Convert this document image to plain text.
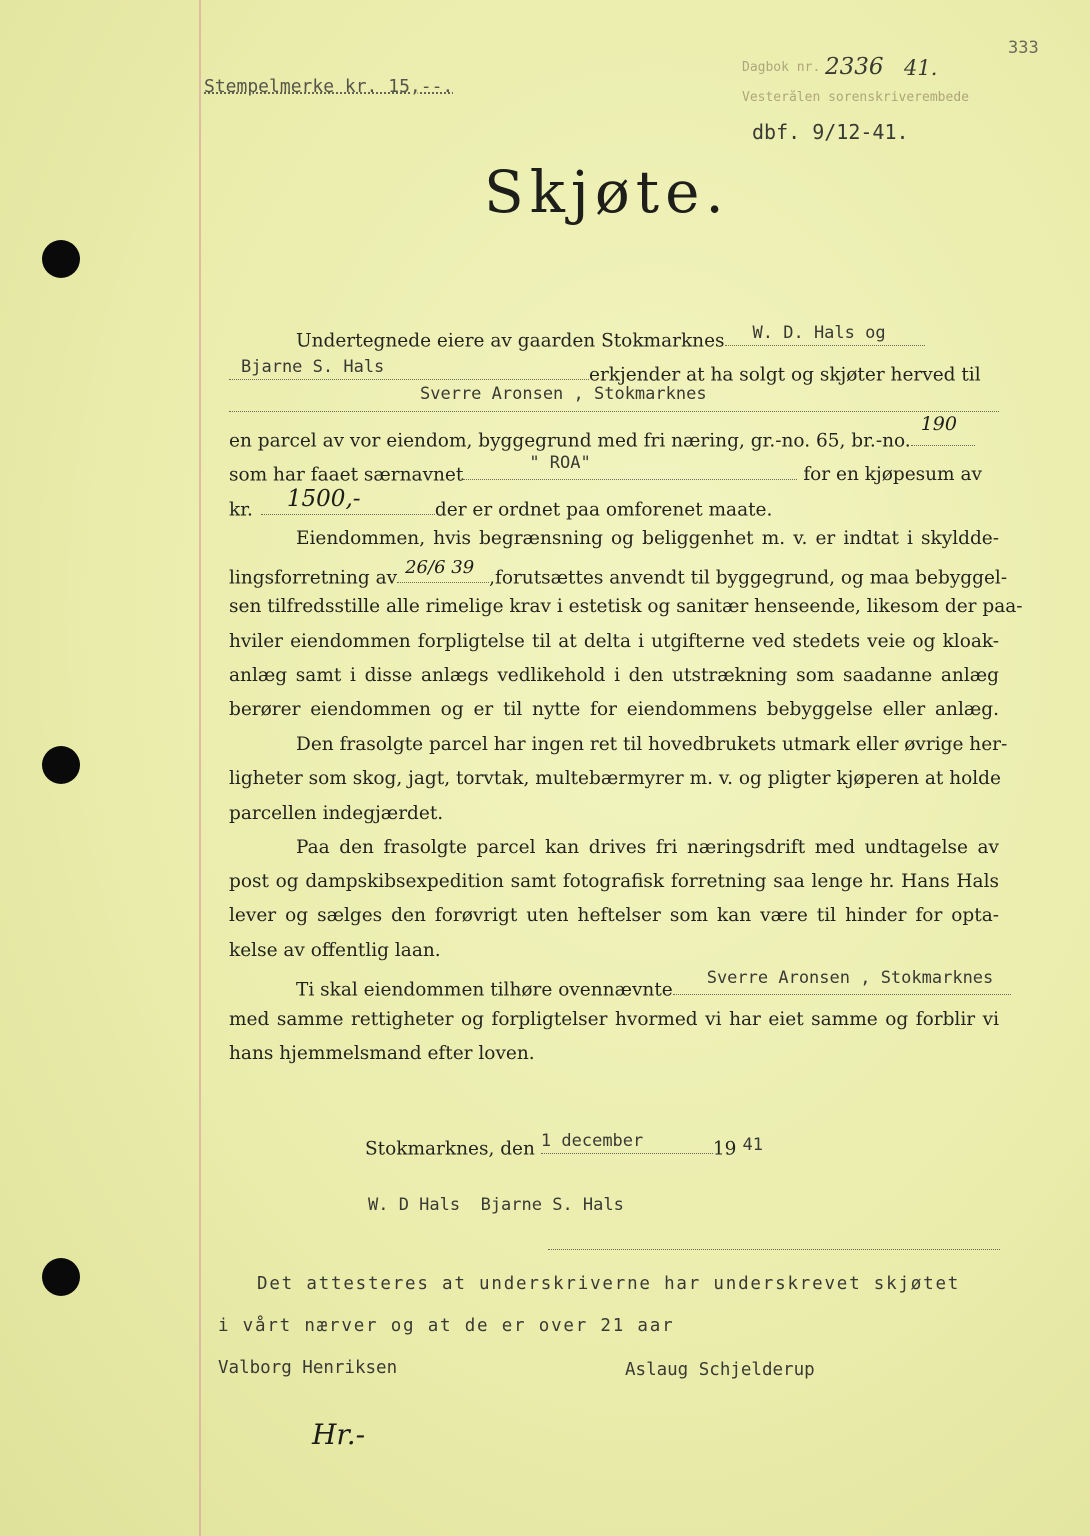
Stempelmerke kr. 15,--.
Dagbok nr. 2336 41.
Vesterålen sorenskriverembede
dbf. 9/12-41.
333
Skjøte.
Undertegnede eiere av gaarden Stokmarknes W. D. Hals og
Bjarne S. Hals	erkjender at ha solgt og skjøter herved til
Sverre Aronsen , Stokmarknes
en parcel av vor eiendom, byggegrund med fri næring, gr.-no. 65, br.-no.
190
som har faaet særnavnet
" ROA"
for en kjøpesum av
kr. 1500,-	der er ordnet paa omforenet maate.
Eiendommen, hvis begrænsning og beliggenhet m. v. er indtat i skyldde-
lingsforretning av 26/6 39 ,forutsættes anvendt til byggegrund, og maa bebyggel-
sen tilfredsstille alle rimelige krav i estetisk og sanitær henseende, likesom der paa-
hviler eiendommen forpligtelse til at delta i utgifterne ved stedets veie og kloak-
anlæg samt i disse anlægs vedlikehold i den utstrækning som saadanne anlæg
berører eiendommen og er til nytte for eiendommens bebyggelse eller anlæg.
Den frasolgte parcel har ingen ret til hovedbrukets utmark eller øvrige her-
ligheter som skog, jagt, torvtak, multebærmyrer m. v. og pligter kjøperen at holde
parcellen indegjærdet.
Paa den frasolgte parcel kan drives fri næringsdrift med undtagelse av
post og dampskibsexpedition samt fotografisk forretning saa lenge hr. Hans Hals
lever og sælges den forøvrigt uten heftelser som kan være til hinder for opta-
kelse av offentlig laan.
Ti skal eiendommen tilhøre ovennævnte
Sverre Aronsen , Stokmarknes
med samme rettigheter og forpligtelser hvormed vi har eiet samme og forblir vi
hans hjemmelsmand efter loven.
Stokmarknes, den 1 december	19 41
W. D Hals  Bjarne S. Hals
Det attesteres at underskriverne har underskrevet skjøtet
i vårt nærver og at de er over 21 aar
Valborg Henriksen	Aslaug Schjelderup
Hr.-
